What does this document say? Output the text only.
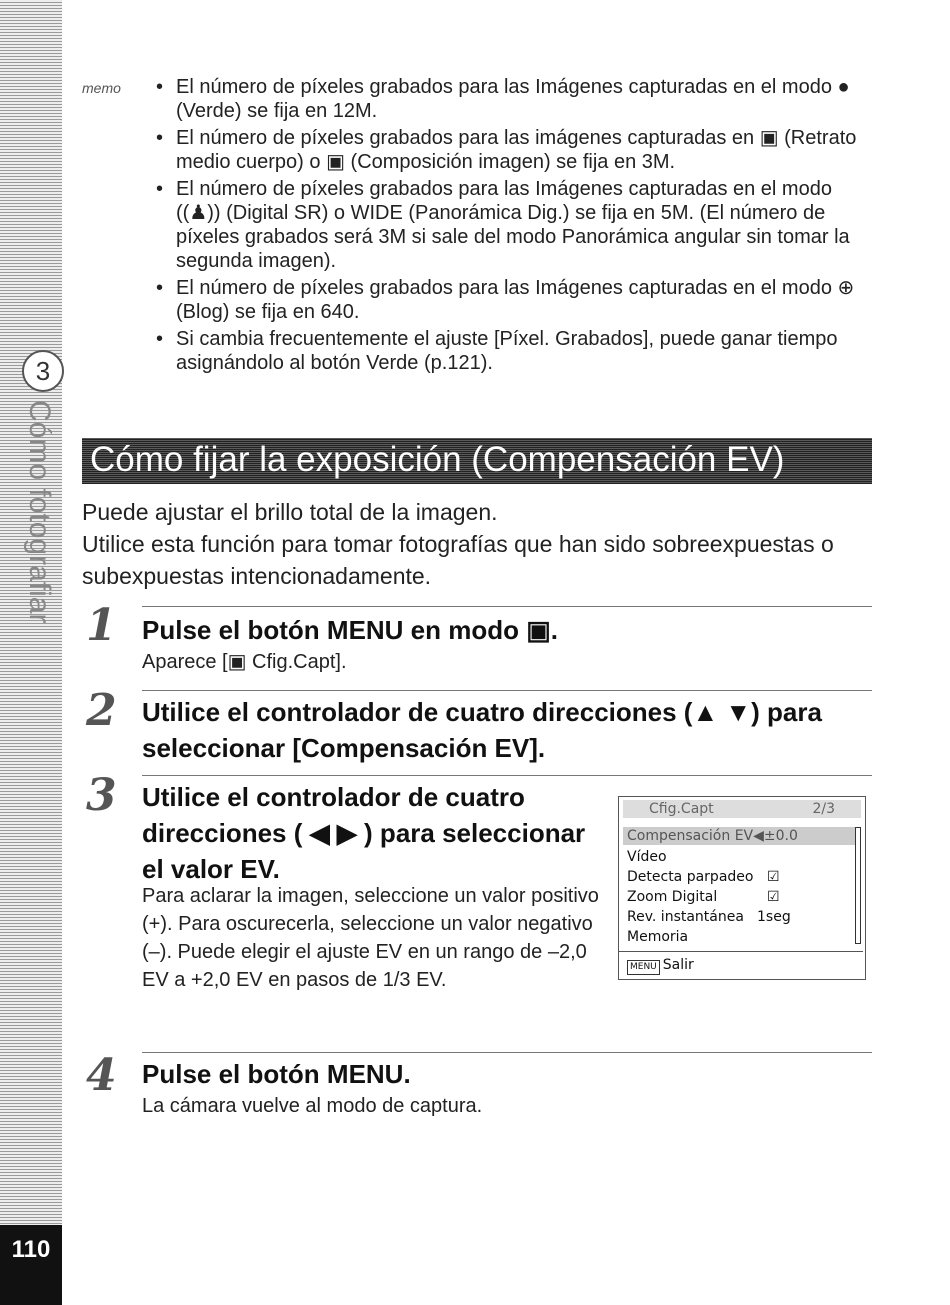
3
Cómo fotografiar
110
memo
•	El número de píxeles grabados para las Imágenes capturadas en el modo ● (Verde) se fija en 12M.
• El número de píxeles grabados para las imágenes capturadas en ▣ (Retrato medio cuerpo) o ▣ (Composición imagen) se fija en 3M.
• El número de píxeles grabados para las Imágenes capturadas en el modo ((♟)) (Digital SR) o WIDE (Panorámica Dig.) se fija en 5M. (El número de píxeles grabados será 3M si sale del modo Panorámica angular sin tomar la segunda imagen).
• El número de píxeles grabados para las Imágenes capturadas en el modo ⊕ (Blog) se fija en 640.
• Si cambia frecuentemente el ajuste [Píxel. Grabados], puede ganar tiempo asignándolo al botón Verde (p.121).
Cómo fijar la exposición (Compensación EV)

Puede ajustar el brillo total de la imagen.

Utilice esta función para tomar fotografías que han sido sobreexpuestas o subexpuestas intencionadamente.

1 Pulse el botón MENU en modo ▣.
Aparece [▣ Cfig.Capt].
2 Utilice el controlador de cuatro direcciones (▲ ▼) para seleccionar [Compensación EV].
3 Utilice el controlador de cuatro direcciones ( ◀ ▶ ) para seleccionar el valor EV.
Para aclarar la imagen, seleccione un valor positivo (+). Para oscurecerla, seleccione un valor negativo (–). Puede elegir el ajuste EV en un rango de –2,0 EV a +2,0 EV en pasos de 1/3 EV.
Cfig.Capt	2/3
Compensación EV◀±0.0
Vídeo
Detecta parpadeo ☑
Zoom Digital	☑
Rev. instantánea 1seg
Memoria
MENU Salir
4 Pulse el botón MENU.
La cámara vuelve al modo de captura.
